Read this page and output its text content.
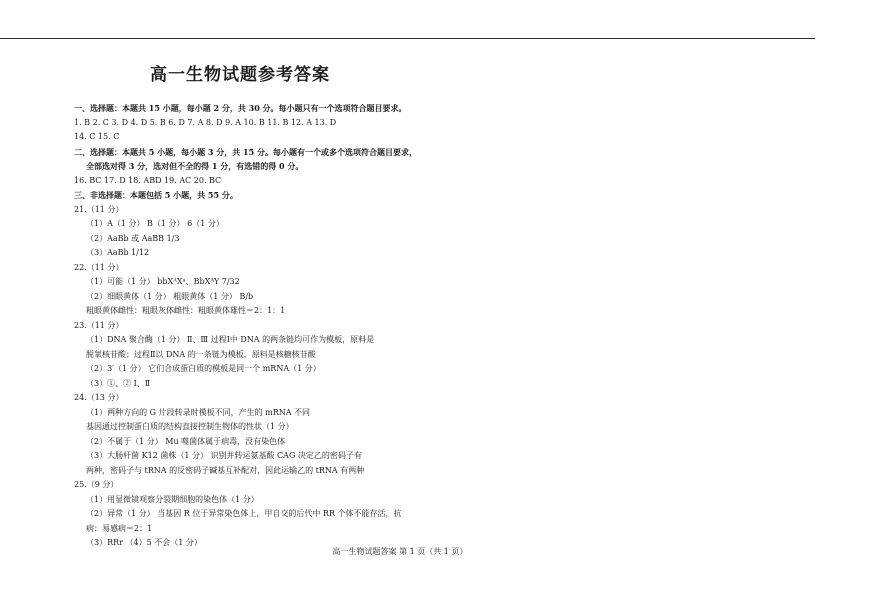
高一生物试题参考答案
一、选择题：本题共 15 小题，每小题 2 分，共 30 分。每小题只有一个选项符合题目要求。
1. B 2. C 3. D 4. D 5. B 6. D 7. A 8. D 9. A 10. B 11. B 12. A 13. D
14. C 15. C
二、选择题：本题共 5 小题，每小题 3 分，共 15 分。每小题有一个或多个选项符合题目要求，
全部选对得 3 分，选对但不全的得 1 分，有选错的得 0 分。
16. BC 17. D 18. ABD 19. AC 20. BC
三、非选择题：本题包括 5 小题，共 55 分。
21.（11 分）
（1）A（1 分） B（1 分） 6（1 分）
（2）AaBb 或 AaBB 1/3
（3）AaBb 1/12
22.（11 分）
（1）可能（1 分） bbXᴬXᵃ、BbXᴬY 7/32
（2）细眼黄体（1 分） 粗眼黄体（1 分） B/b
粗眼黄体雌性：粗眼灰体雌性：粗眼黄体雄性＝2：1：1
23.（11 分）
（1）DNA 聚合酶（1 分） Ⅱ、Ⅲ 过程Ⅰ中 DNA 的两条链均可作为模板，原料是
脱氧核苷酸；过程Ⅱ以 DNA 的一条链为模板，原料是核糖核苷酸
（2）3′（1 分） 它们合成蛋白质的模板是同一个 mRNA（1 分）
（3）①、② Ⅰ、Ⅱ
24.（13 分）
（1）两种方向的 G 片段转录时模板不同，产生的 mRNA 不同
基因通过控制蛋白质的结构直接控制生物体的性状（1 分）
（2）不属于（1 分） Mu 噬菌体属于病毒，没有染色体
（3）大肠杆菌 K12 菌株（1 分） 识别并转运氨基酸 CAG 决定乙的密码子有
两种，密码子与 tRNA 的反密码子碱基互补配对，因此运输乙的 tRNA 有两种
25.（9 分）
（1）用显微镜观察分裂期细胞的染色体（1 分）
（2）异常（1 分） 当基因 R 位于异常染色体上，甲自交的后代中 RR 个体不能存活，抗
病：易感病＝2：1
（3）RRr （4）5 不会（1 分）
高一生物试题答案 第 1 页（共 1 页）
